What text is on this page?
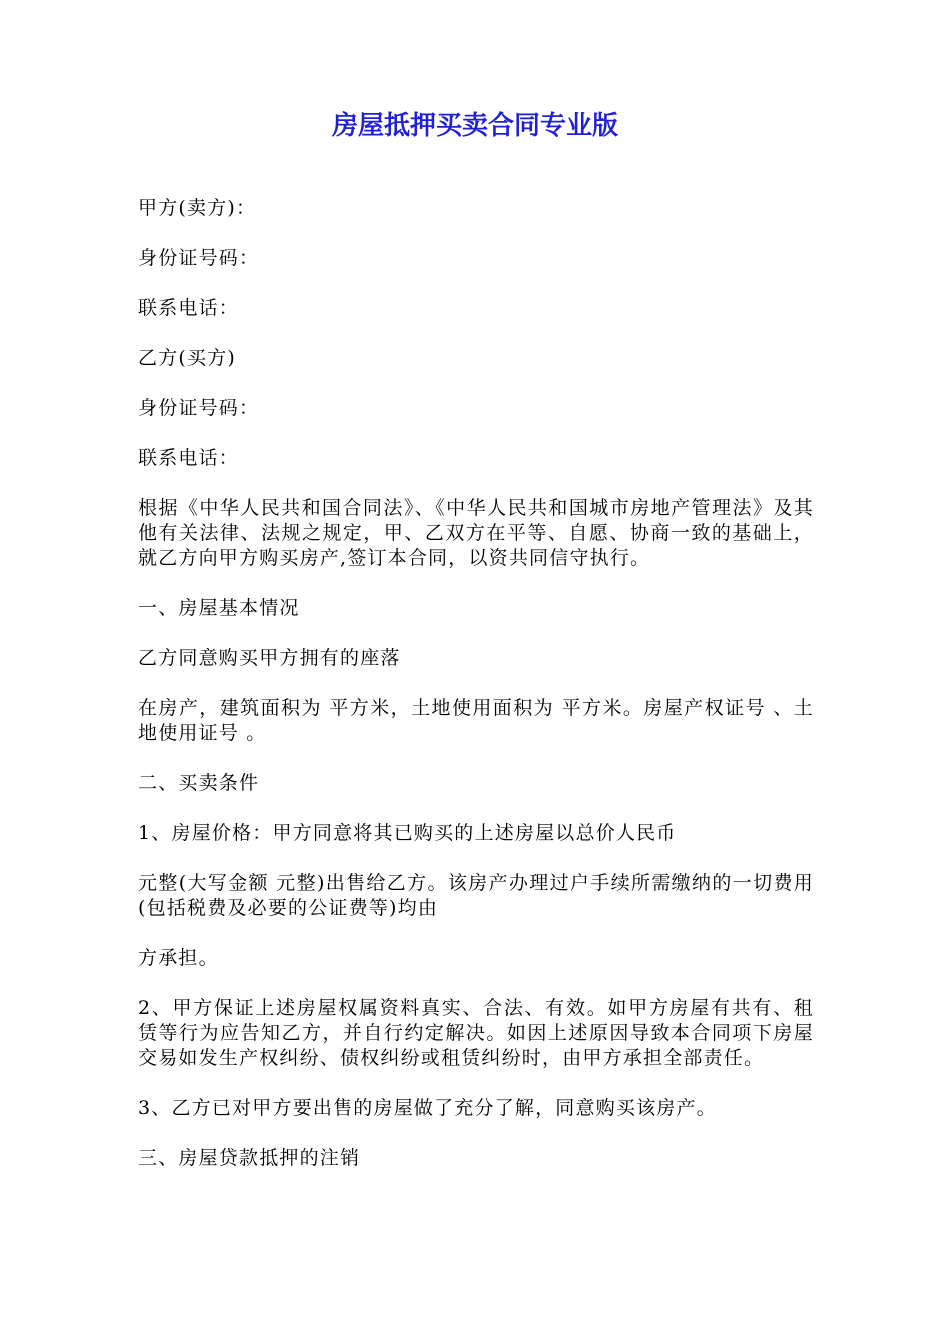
房屋抵押买卖合同专业版

甲方(卖方)：

身份证号码：

联系电话：

乙方(买方)

身份证号码：

联系电话：

根据《中华人民共和国合同法》、《中华人民共和国城市房地产管理法》及其他有关法律、法规之规定，甲、乙双方在平等、自愿、协商一致的基础上，就乙方向甲方购买房产,签订本合同，以资共同信守执行。

一、房屋基本情况

乙方同意购买甲方拥有的座落

在房产，建筑面积为 平方米，土地使用面积为 平方米。房屋产权证号 、土地使用证号 。

二、买卖条件

1、房屋价格：甲方同意将其已购买的上述房屋以总价人民币

元整(大写金额 元整)出售给乙方。该房产办理过户手续所需缴纳的一切费用(包括税费及必要的公证费等)均由

方承担。

2、甲方保证上述房屋权属资料真实、合法、有效。如甲方房屋有共有、租赁等行为应告知乙方，并自行约定解决。如因上述原因导致本合同项下房屋交易如发生产权纠纷、债权纠纷或租赁纠纷时，由甲方承担全部责任。

3、乙方已对甲方要出售的房屋做了充分了解，同意购买该房产。

三、房屋贷款抵押的注销
